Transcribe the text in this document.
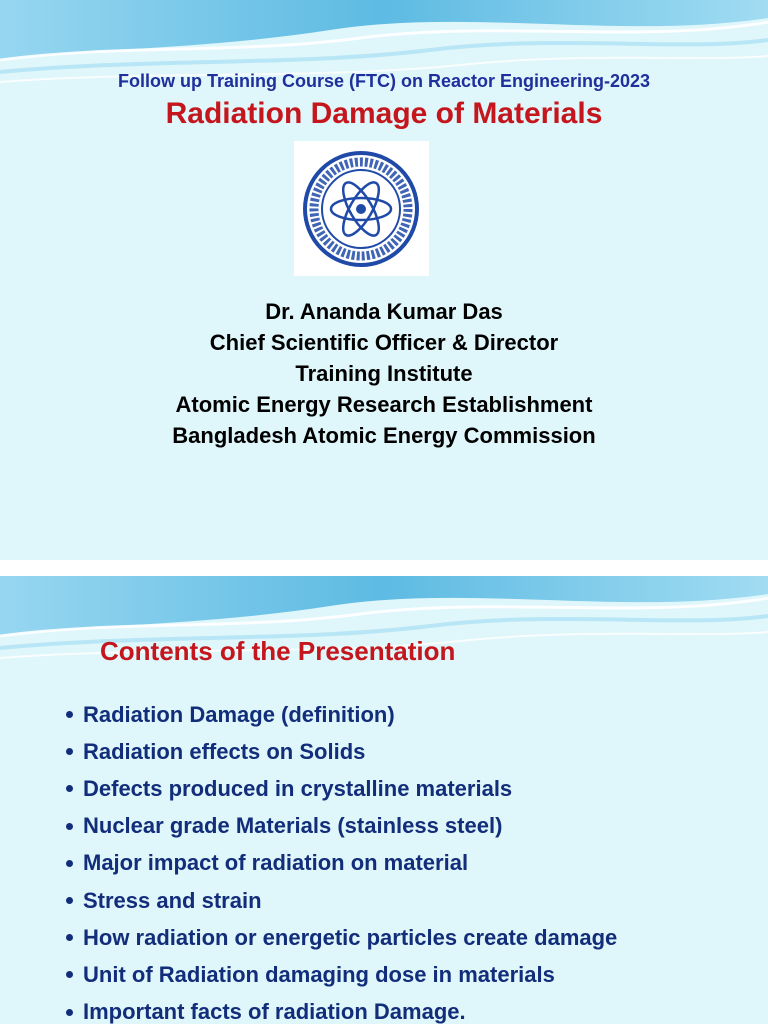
Follow up Training Course (FTC) on Reactor Engineering-2023
Radiation Damage of Materials
Dr. Ananda Kumar Das
Chief Scientific Officer & Director
Training Institute
Atomic Energy Research Establishment
Bangladesh Atomic Energy Commission
Contents of the Presentation
Radiation Damage (definition)
Radiation effects on Solids
Defects produced in crystalline materials
Nuclear grade Materials (stainless steel)
Major impact of radiation on material
Stress and strain
How radiation or energetic particles create damage
Unit of Radiation damaging dose in materials
Important facts of radiation Damage.
